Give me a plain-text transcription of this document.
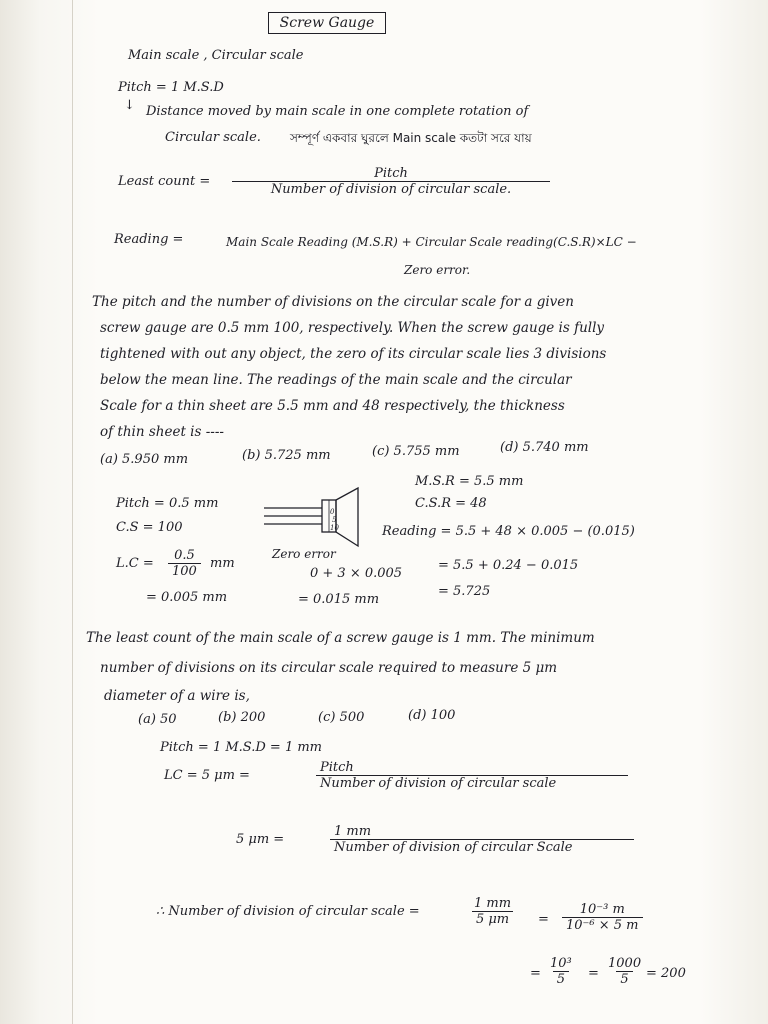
Screw Gauge
Main scale , Circular scale
Pitch = 1 M.S.D
↓ Distance moved by main scale in one complete rotation of
Circular scale. সম্পূর্ণ একবার ঘুরলে Main scale কতটা সরে যায়
Least count =
Pitch
Number of division of circular scale.
Reading =	Main Scale Reading (M.S.R) + Circular Scale reading(C.S.R)×LC −
Zero error.
The pitch and the number of divisions on the circular scale for a given
screw gauge are 0.5 mm 100, respectively. When the screw gauge is fully
tightened with out any object, the zero of its circular scale lies 3 divisions
below the mean line. The readings of the main scale and the circular
Scale for a thin sheet are 5.5 mm and 48 respectively, the thickness
of thin sheet is ----
(a) 5.950 mm	(b) 5.725 mm	(c) 5.755 mm	(d) 5.740 mm
M.S.R = 5.5 mm
C.S.R = 48
Pitch = 0.5 mm
C.S = 100
0
5
10	Reading = 5.5 + 48 × 0.005 − (0.015)
$L.C = \frac{0.5}{100}$ mm
= 0.005 mm
Zero error
0 + 3 × 0.005
= 0.015 mm
= 5.5 + 0.24 − 0.015
= 5.725
The least count of the main scale of a screw gauge is 1 mm. The minimum
number of divisions on its circular scale required to measure 5 μm
diameter of a wire is,
(a) 50	(b) 200	(c) 500	(d) 100
Pitch = 1 M.S.D = 1 mm
LC = 5 μm =
Pitch
Number of division of circular scale
5 μm =
1 mm
Number of division of circular Scale
∴ Number of division of circular scale =	$\frac{1 mm}{5 \mu m} = \frac{\text{10⁻³ m}}{\text{10⁻⁶ × 5 m}}$
= $\frac{\text{10³}}{5} = \frac{1000}{5} = 200$
